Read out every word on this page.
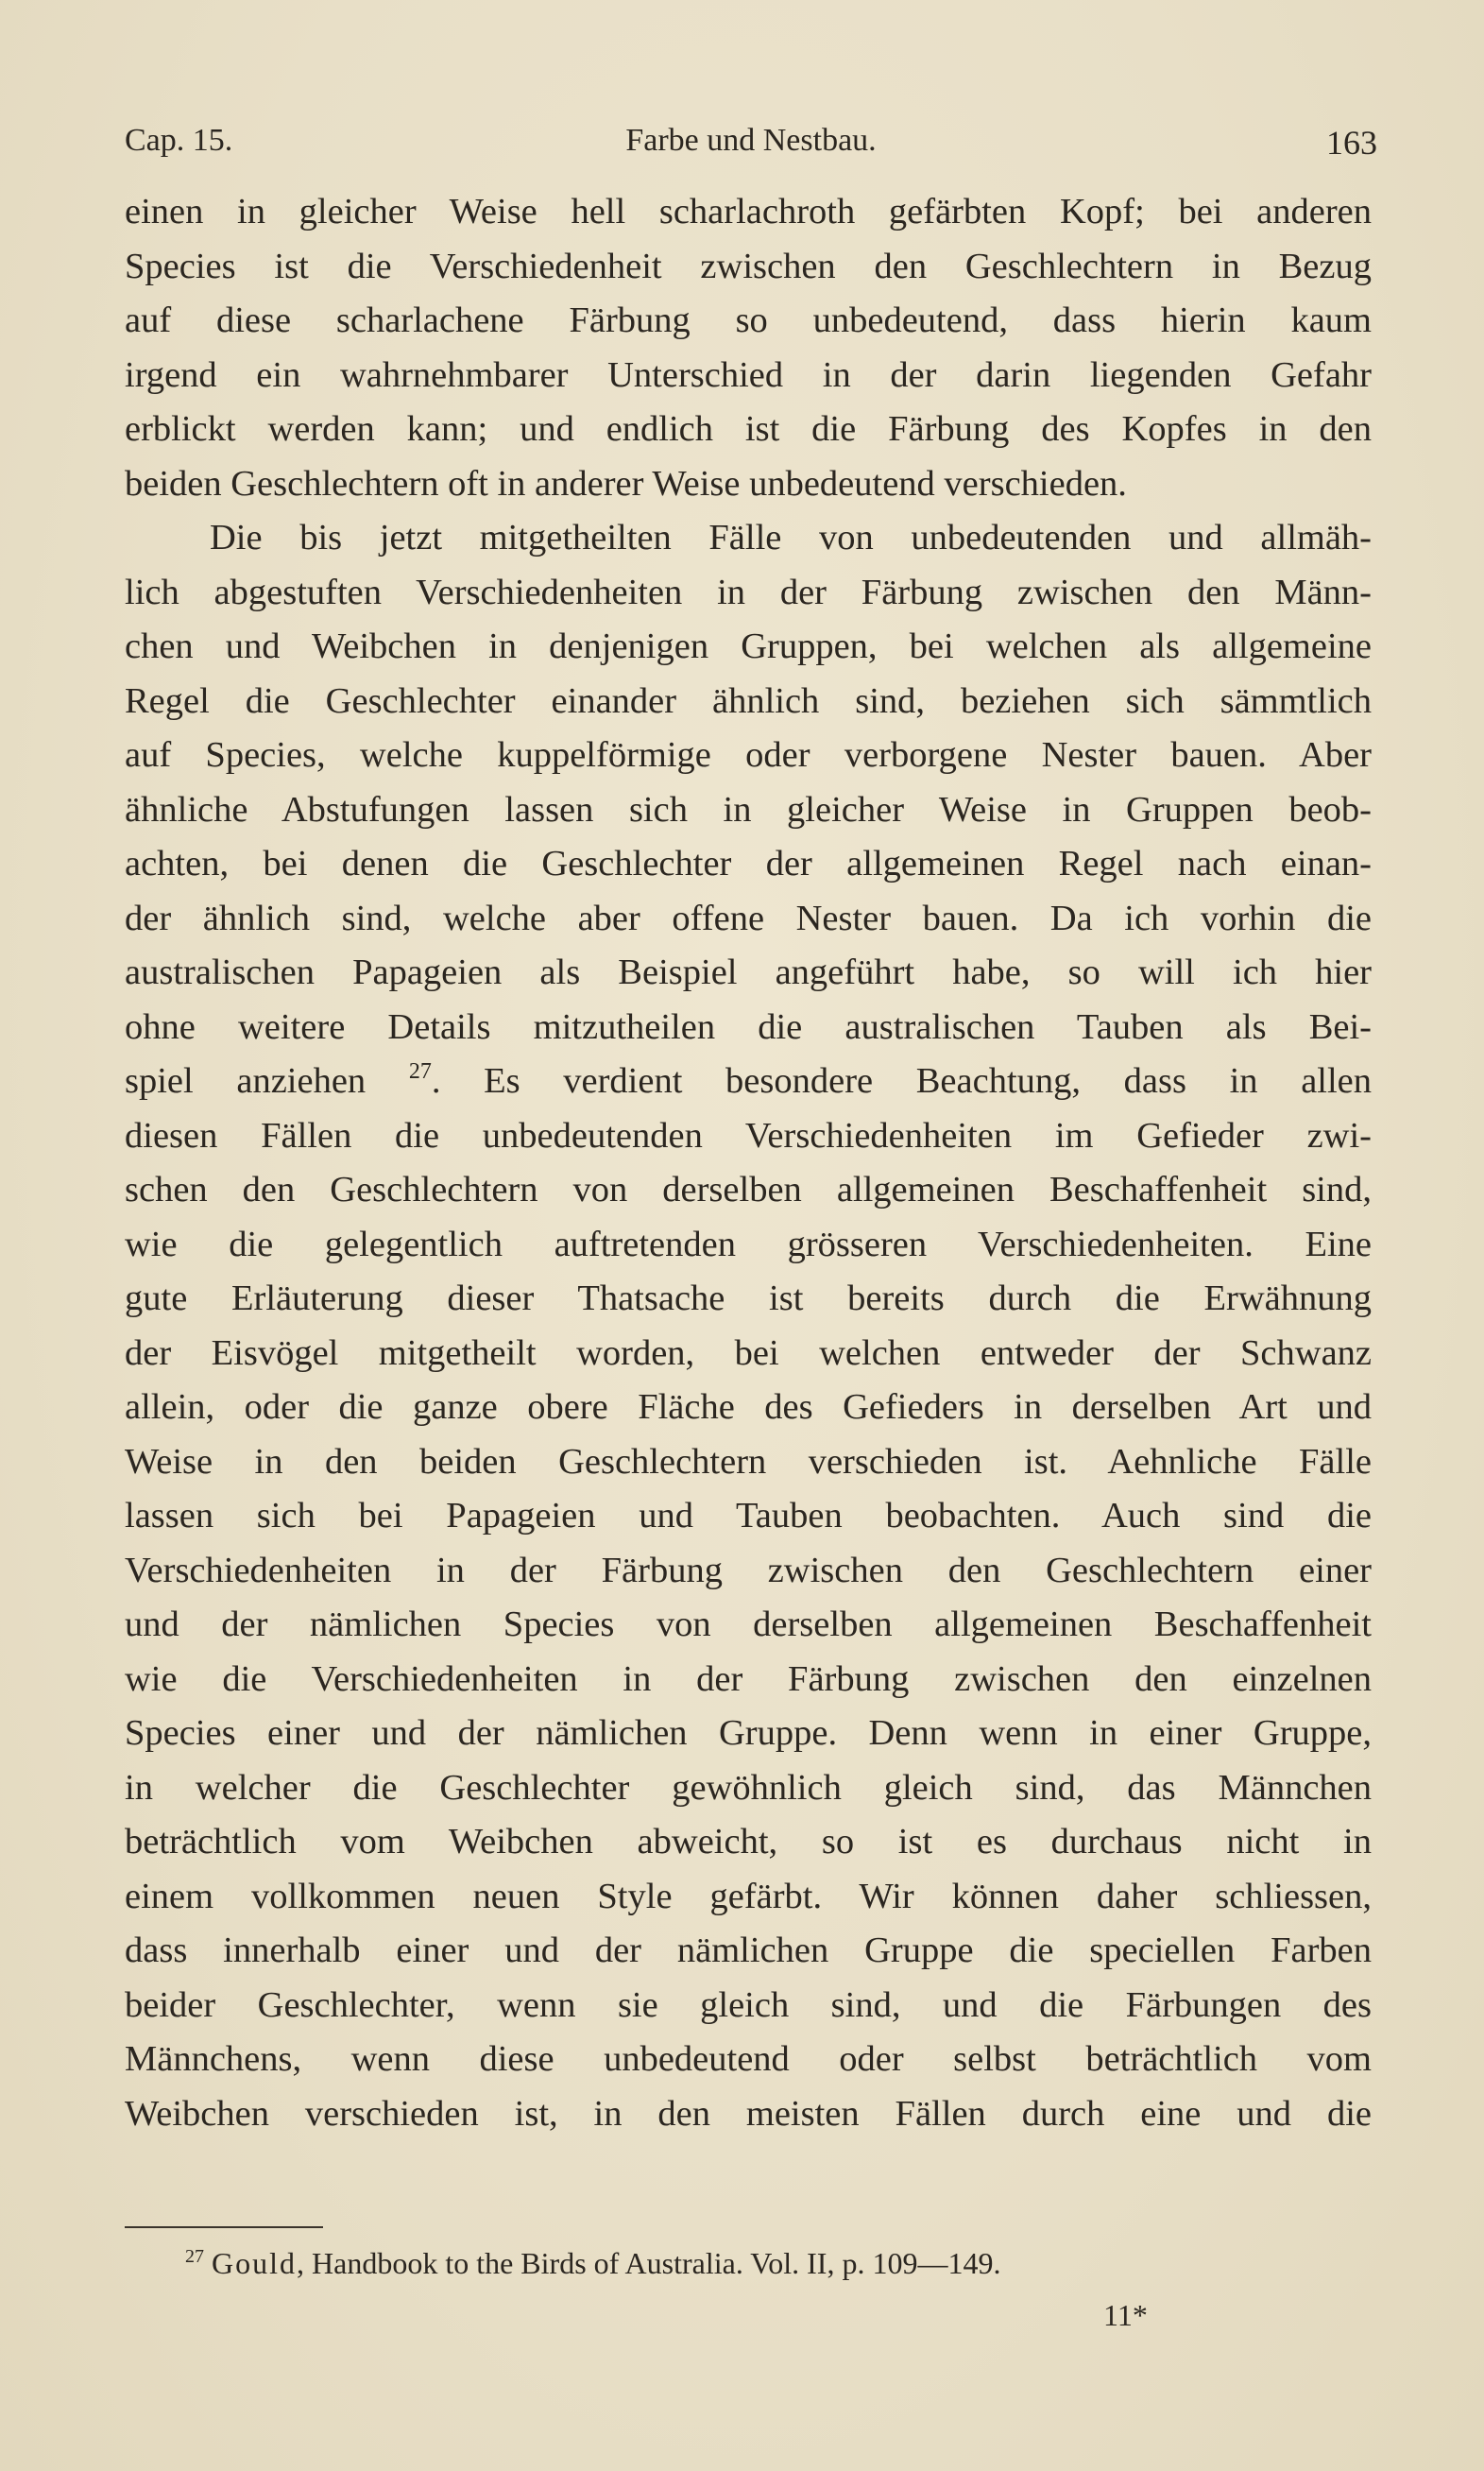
Cap. 15.	Farbe und Nestbau.	163
einen in gleicher Weise hell scharlachroth gefärbten Kopf; bei anderen
Species ist die Verschiedenheit zwischen den Geschlechtern in Bezug
auf diese scharlachene Färbung so unbedeutend, dass hierin kaum
irgend ein wahrnehmbarer Unterschied in der darin liegenden Gefahr
erblickt werden kann; und endlich ist die Färbung des Kopfes in den
beiden Geschlechtern oft in anderer Weise unbedeutend verschieden.
Die bis jetzt mitgetheilten Fälle von unbedeutenden und allmäh-
lich abgestuften Verschiedenheiten in der Färbung zwischen den Männ-
chen und Weibchen in denjenigen Gruppen, bei welchen als allgemeine
Regel die Geschlechter einander ähnlich sind, beziehen sich sämmtlich
auf Species, welche kuppelförmige oder verborgene Nester bauen. Aber
ähnliche Abstufungen lassen sich in gleicher Weise in Gruppen beob-
achten, bei denen die Geschlechter der allgemeinen Regel nach einan-
der ähnlich sind, welche aber offene Nester bauen. Da ich vorhin die
australischen Papageien als Beispiel angeführt habe, so will ich hier
ohne weitere Details mitzutheilen die australischen Tauben als Bei-
spiel anziehen $^{27}$. Es verdient besondere Beachtung, dass in allen
diesen Fällen die unbedeutenden Verschiedenheiten im Gefieder zwi-
schen den Geschlechtern von derselben allgemeinen Beschaffenheit sind,
wie die gelegentlich auftretenden grösseren Verschiedenheiten. Eine
gute Erläuterung dieser Thatsache ist bereits durch die Erwähnung
der Eisvögel mitgetheilt worden, bei welchen entweder der Schwanz
allein, oder die ganze obere Fläche des Gefieders in derselben Art und
Weise in den beiden Geschlechtern verschieden ist. Aehnliche Fälle
lassen sich bei Papageien und Tauben beobachten. Auch sind die
Verschiedenheiten in der Färbung zwischen den Geschlechtern einer
und der nämlichen Species von derselben allgemeinen Beschaffenheit
wie die Verschiedenheiten in der Färbung zwischen den einzelnen
Species einer und der nämlichen Gruppe. Denn wenn in einer Gruppe,
in welcher die Geschlechter gewöhnlich gleich sind, das Männchen
beträchtlich vom Weibchen abweicht, so ist es durchaus nicht in
einem vollkommen neuen Style gefärbt. Wir können daher schliessen,
dass innerhalb einer und der nämlichen Gruppe die speciellen Farben
beider Geschlechter, wenn sie gleich sind, und die Färbungen des
Männchens, wenn diese unbedeutend oder selbst beträchtlich vom
Weibchen verschieden ist, in den meisten Fällen durch eine und die
$^{27}$ Gould, Handbook to the Birds of Australia. Vol. II, p. 109—149.
11*
